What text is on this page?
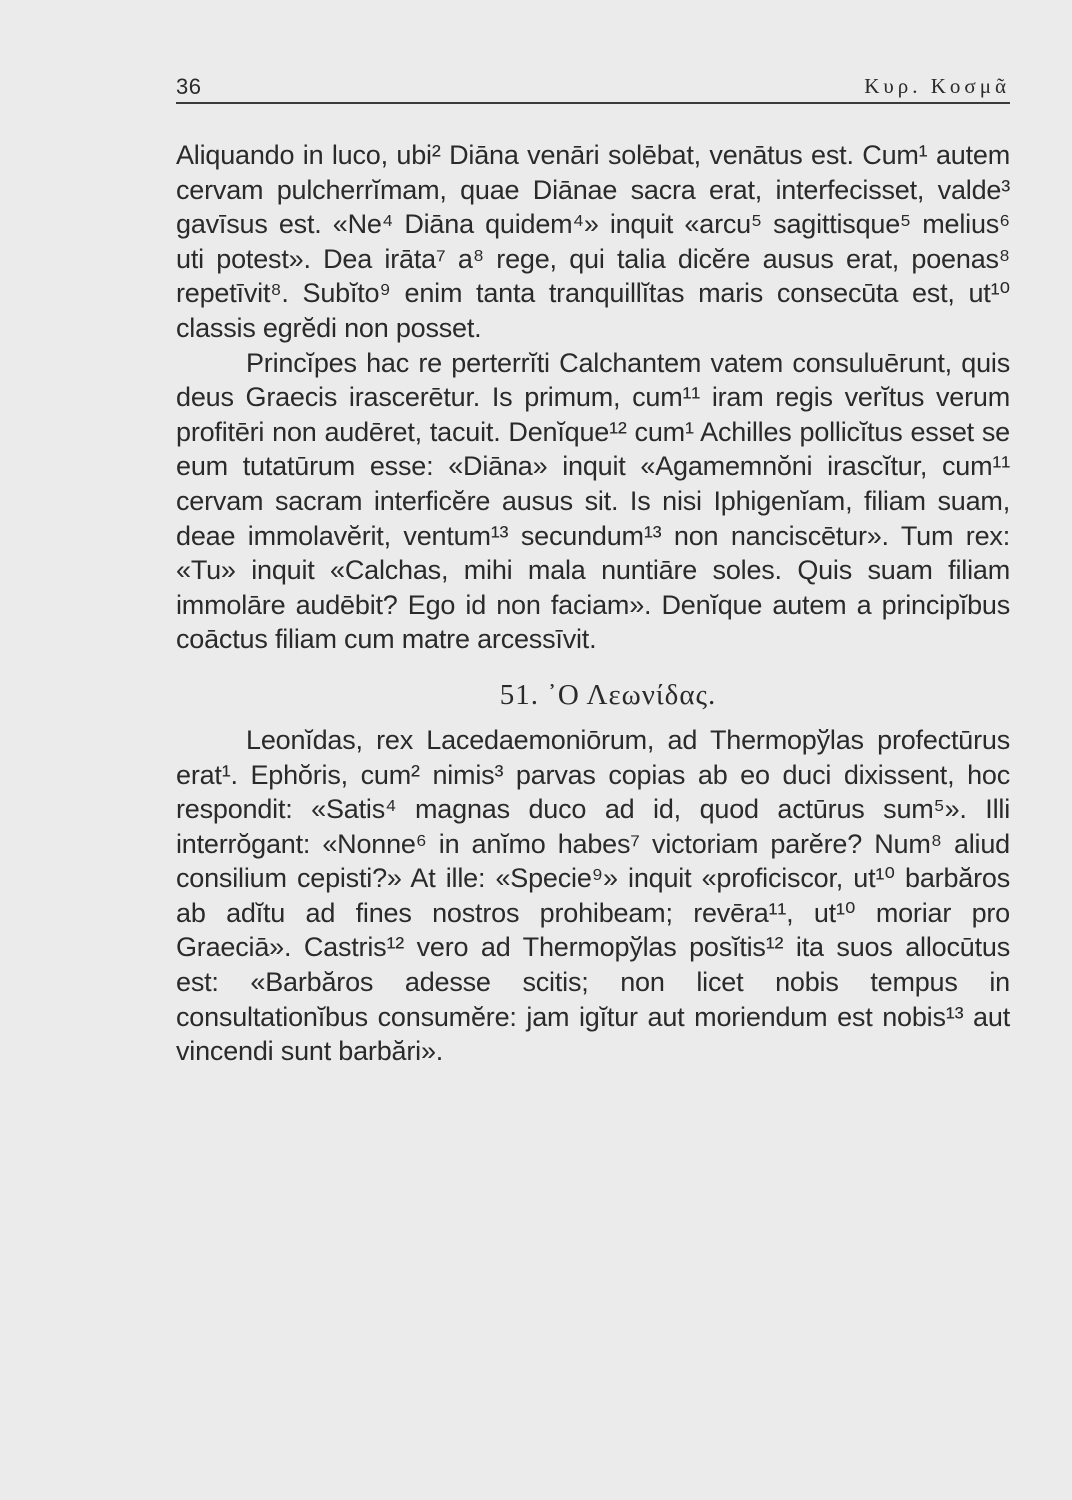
36	Κυρ. Κοσμᾶ

Aliquando in luco, ubi² Diāna venāri solēbat, venātus est. Cum¹ autem cervam pulcherrĭmam, quae Diānae sacra erat, interfecisset, valde³ gavīsus est. «Ne⁴ Diāna quidem⁴» inquit «arcu⁵ sagittisque⁵ melius⁶ uti potest». Dea irāta⁷ a⁸ rege, qui talia dicĕre ausus erat, poenas⁸ repetīvit⁸. Subĭto⁹ enim tanta tranquillĭtas maris consecūta est, ut¹⁰ classis egrĕdi non posset.

Princĭpes hac re perterrĭti Calchantem vatem consuluērunt, quis deus Graecis irascerētur. Is primum, cum¹¹ iram regis verĭtus verum profitēri non audēret, tacuit. Denĭque¹² cum¹ Achilles pollicĭtus esset se eum tutatūrum esse: «Diāna» inquit «Agamemnŏni irascĭtur, cum¹¹ cervam sacram interficĕre ausus sit. Is nisi Iphigenĭam, filiam suam, deae immolavĕrit, ventum¹³ secundum¹³ non nanciscētur». Tum rex: «Tu» inquit «Calchas, mihi mala nuntiāre soles. Quis suam filiam immolāre audēbit? Ego id non faciam». Denĭque autem a principĭbus coāctus filiam cum matre arcessīvit.

51. ᾿Ο Λεωνίδας.

Leonĭdas, rex Lacedaemoniōrum, ad Thermopўlas profectūrus erat¹. Ephŏris, cum² nimis³ parvas copias ab eo duci dixissent, hoc respondit: «Satis⁴ magnas duco ad id, quod actūrus sum⁵». Illi interrŏgant: «Nonne⁶ in anĭmo habes⁷ victoriam parĕre? Num⁸ aliud consilium cepisti?» At ille: «Specie⁹» inquit «proficiscor, ut¹⁰ barbăros ab adĭtu ad fines nostros prohibeam; revēra¹¹, ut¹⁰ moriar pro Graeciā». Castris¹² vero ad Thermopўlas posĭtis¹² ita suos allocūtus est: «Barbăros adesse scitis; non licet nobis tempus in consultationĭbus consumĕre: jam igĭtur aut moriendum est nobis¹³ aut vincendi sunt barbări».
